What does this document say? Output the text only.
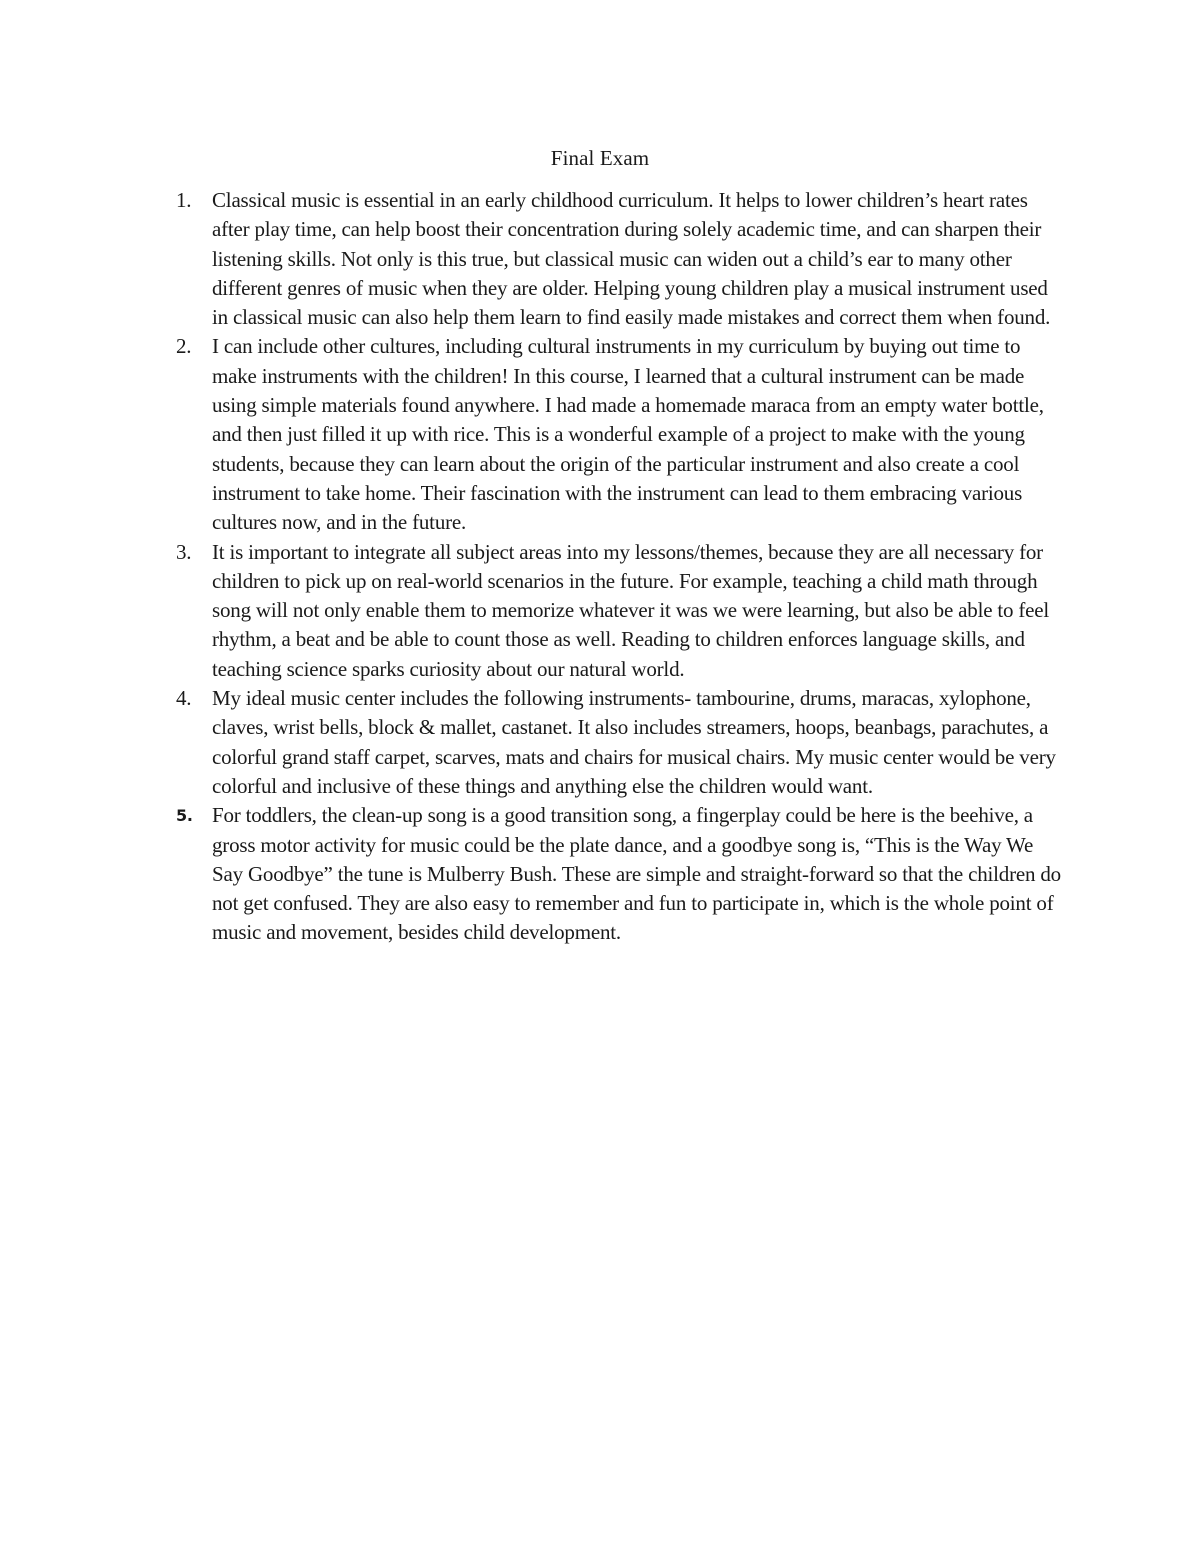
Final Exam
1. Classical music is essential in an early childhood curriculum. It helps to lower children’s heart rates after play time, can help boost their concentration during solely academic time, and can sharpen their listening skills. Not only is this true, but classical music can widen out a child’s ear to many other different genres of music when they are older. Helping young children play a musical instrument used in classical music can also help them learn to find easily made mistakes and correct them when found.
2. I can include other cultures, including cultural instruments in my curriculum by buying out time to make instruments with the children! In this course, I learned that a cultural instrument can be made using simple materials found anywhere. I had made a homemade maraca from an empty water bottle, and then just filled it up with rice. This is a wonderful example of a project to make with the young students, because they can learn about the origin of the particular instrument and also create a cool instrument to take home. Their fascination with the instrument can lead to them embracing various cultures now, and in the future.
3. It is important to integrate all subject areas into my lessons/themes, because they are all necessary for children to pick up on real-world scenarios in the future. For example, teaching a child math through song will not only enable them to memorize whatever it was we were learning, but also be able to feel rhythm, a beat and be able to count those as well. Reading to children enforces language skills, and teaching science sparks curiosity about our natural world.
4. My ideal music center includes the following instruments- tambourine, drums, maracas, xylophone, claves, wrist bells, block & mallet, castanet. It also includes streamers, hoops, beanbags, parachutes, a colorful grand staff carpet, scarves, mats and chairs for musical chairs. My music center would be very colorful and inclusive of these things and anything else the children would want.
5. For toddlers, the clean-up song is a good transition song, a fingerplay could be here is the beehive, a gross motor activity for music could be the plate dance, and a goodbye song is, “This is the Way We Say Goodbye” the tune is Mulberry Bush. These are simple and straight-forward so that the children do not get confused. They are also easy to remember and fun to participate in, which is the whole point of music and movement, besides child development.
